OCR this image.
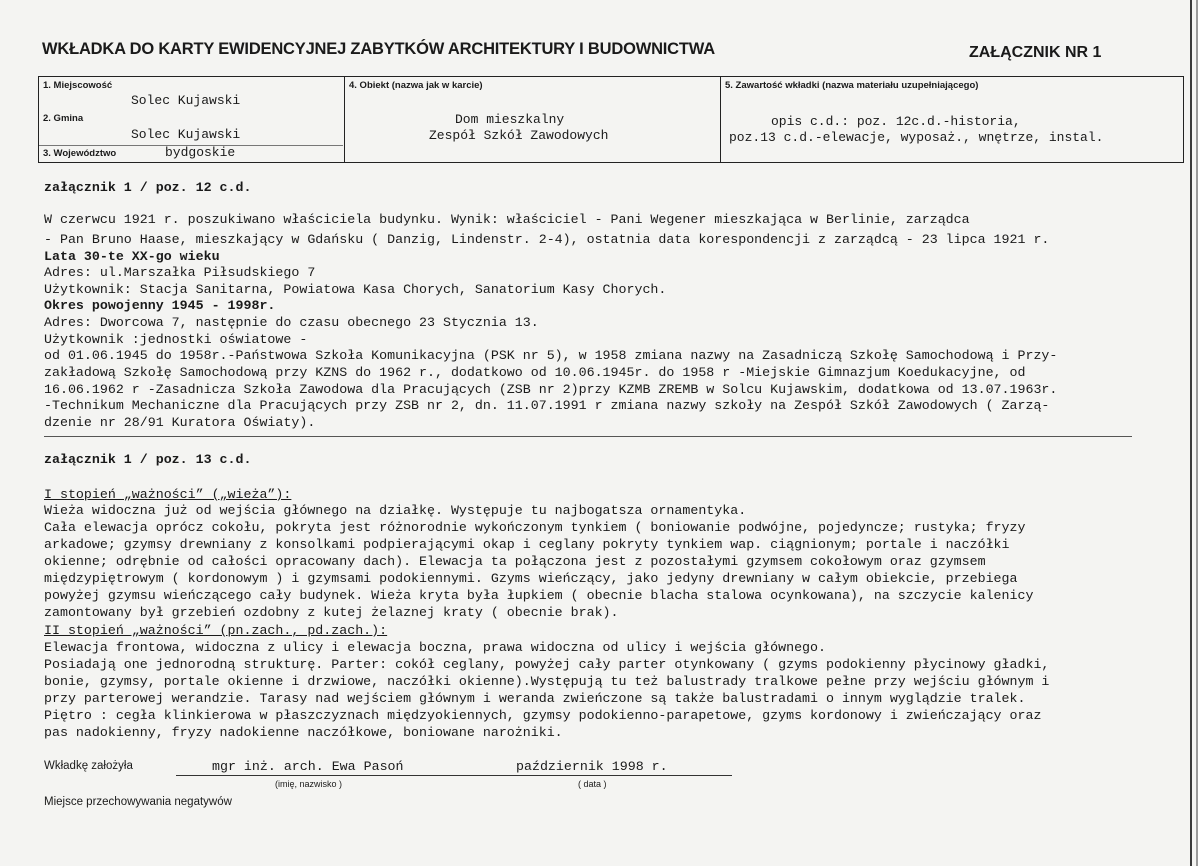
WKŁADKA DO KARTY EWIDENCYJNEJ ZABYTKÓW ARCHITEKTURY I BUDOWNICTWA	ZAŁĄCZNIK NR 1
1. Miejscowość
Solec Kujawski
2. Gmina
Solec Kujawski
3. Województwo	bydgoskie
4. Obiekt (nazwa jak w karcie)
Dom mieszkalny
Zespół Szkół Zawodowych
5. Zawartość wkładki (nazwa materiału uzupełniającego)
opis c.d.: poz. 12c.d.-historia,
poz.13 c.d.-elewacje, wyposaż., wnętrze, instal.
załącznik 1 / poz. 12 c.d.
W czerwcu 1921 r. poszukiwano właściciela budynku. Wynik: właściciel - Pani Wegener mieszkająca w Berlinie, zarządca
- Pan Bruno Haase, mieszkający w Gdańsku ( Danzig, Lindenstr. 2-4), ostatnia data korespondencji z zarządcą - 23 lipca 1921 r.
Lata 30-te XX-go wieku
Adres: ul.Marszałka Piłsudskiego 7
Użytkownik: Stacja Sanitarna, Powiatowa Kasa Chorych, Sanatorium Kasy Chorych.
Okres powojenny 1945 - 1998r.
Adres: Dworcowa 7, następnie do czasu obecnego 23 Stycznia 13.
Użytkownik :jednostki oświatowe -
od 01.06.1945 do 1958r.-Państwowa Szkoła Komunikacyjna (PSK nr 5), w 1958 zmiana nazwy na Zasadniczą Szkołę Samochodową i Przy-
zakładową Szkołę Samochodową przy KZNS do 1962 r., dodatkowo od 10.06.1945r. do 1958 r -Miejskie Gimnazjum Koedukacyjne, od
16.06.1962 r -Zasadnicza Szkoła Zawodowa dla Pracujących (ZSB nr 2)przy KZMB ZREMB w Solcu Kujawskim, dodatkowa od 13.07.1963r.
-Technikum Mechaniczne dla Pracujących przy ZSB nr 2, dn. 11.07.1991 r zmiana nazwy szkoły na Zespół Szkół Zawodowych ( Zarzą-
dzenie nr 28/91 Kuratora Oświaty).
załącznik 1 / poz. 13 c.d.
I stopień „ważności” („wieża”):
Wieża widoczna już od wejścia głównego na działkę. Występuje tu najbogatsza ornamentyka.
Cała elewacja oprócz cokołu, pokryta jest różnorodnie wykończonym tynkiem ( boniowanie podwójne, pojedyncze; rustyka; fryzy
arkadowe; gzymsy drewniany z konsolkami podpierającymi okap i ceglany pokryty tynkiem wap. ciągnionym; portale i naczółki
okienne; odrębnie od całości opracowany dach). Elewacja ta połączona jest z pozostałymi gzymsem cokołowym oraz gzymsem
międzypiętrowym ( kordonowym ) i gzymsami podokiennymi. Gzyms wieńczący, jako jedyny drewniany w całym obiekcie, przebiega
powyżej gzymsu wieńczącego cały budynek. Wieża kryta była łupkiem ( obecnie blacha stalowa ocynkowana), na szczycie kalenicy
zamontowany był grzebień ozdobny z kutej żelaznej kraty ( obecnie brak).
II stopień „ważności” (pn.zach., pd.zach.):
Elewacja frontowa, widoczna z ulicy i elewacja boczna, prawa widoczna od ulicy i wejścia głównego.
Posiadają one jednorodną strukturę. Parter: cokół ceglany, powyżej cały parter otynkowany ( gzyms podokienny płycinowy gładki,
bonie, gzymsy, portale okienne i drzwiowe, naczółki okienne).Występują tu też balustrady tralkowe pełne przy wejściu głównym i
przy parterowej werandzie. Tarasy nad wejściem głównym i weranda zwieńczone są także balustradami o innym wyglądzie tralek.
Piętro : cegła klinkierowa w płaszczyznach międzyokiennych, gzymsy podokienno-parapetowe, gzyms kordonowy i zwieńczający oraz
pas nadokienny, fryzy nadokienne naczółkowe, boniowane narożniki.
Wkładkę założyła	mgr inż. arch. Ewa Pasoń	październik 1998 r.
(imię, nazwisko )	( data )
Miejsce przechowywania negatywów
